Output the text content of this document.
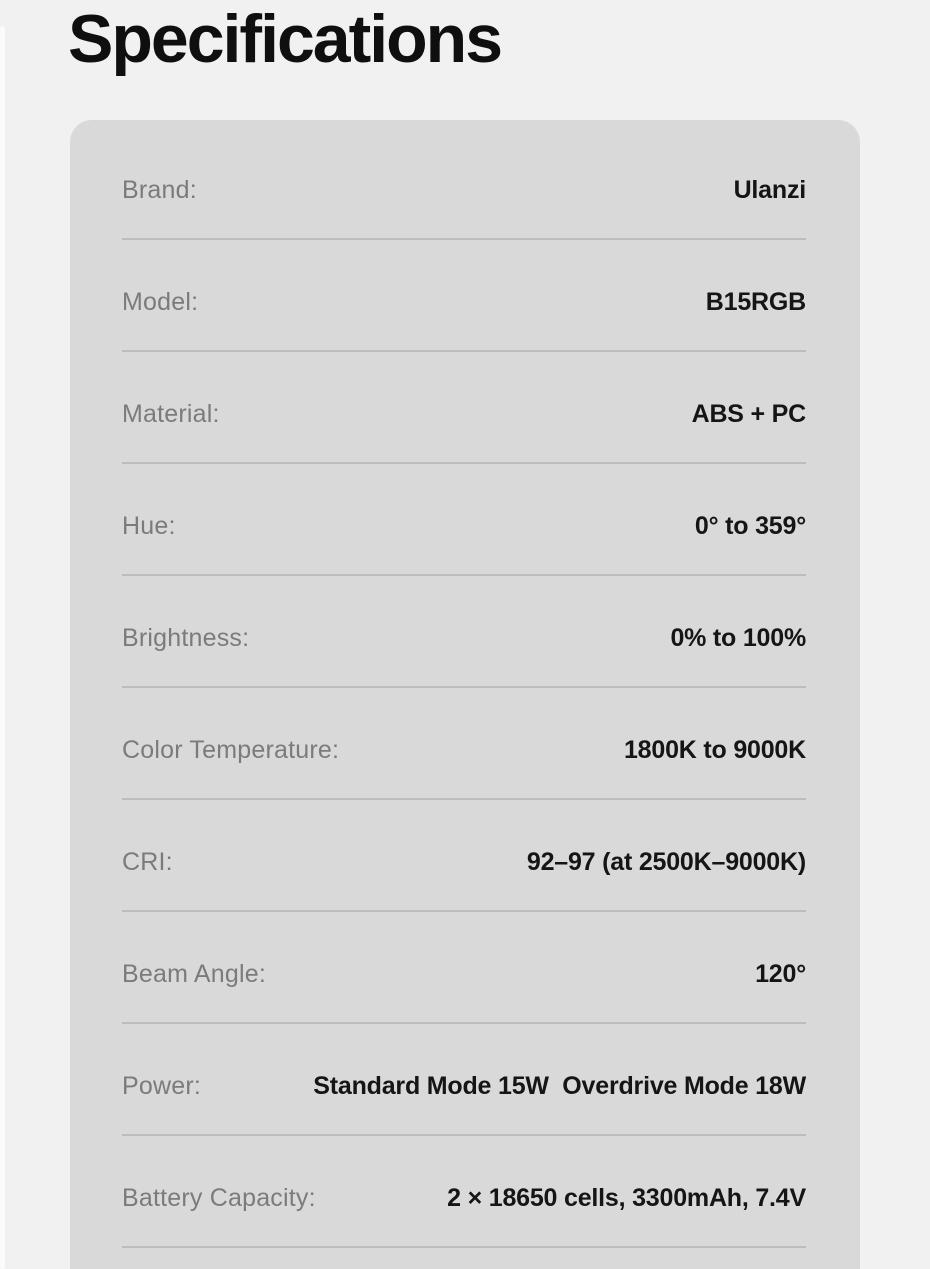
Specifications
Brand:	Ulanzi
Model:	B15RGB
Material:	ABS + PC
Hue:	0° to 359°
Brightness:	0% to 100%
Color Temperature:	1800K to 9000K
CRI:	92–97 (at 2500K–9000K)
Beam Angle:	120°
Power:	Standard Mode 15W  Overdrive Mode 18W
Battery Capacity:	2 × 18650 cells, 3300mAh, 7.4V
